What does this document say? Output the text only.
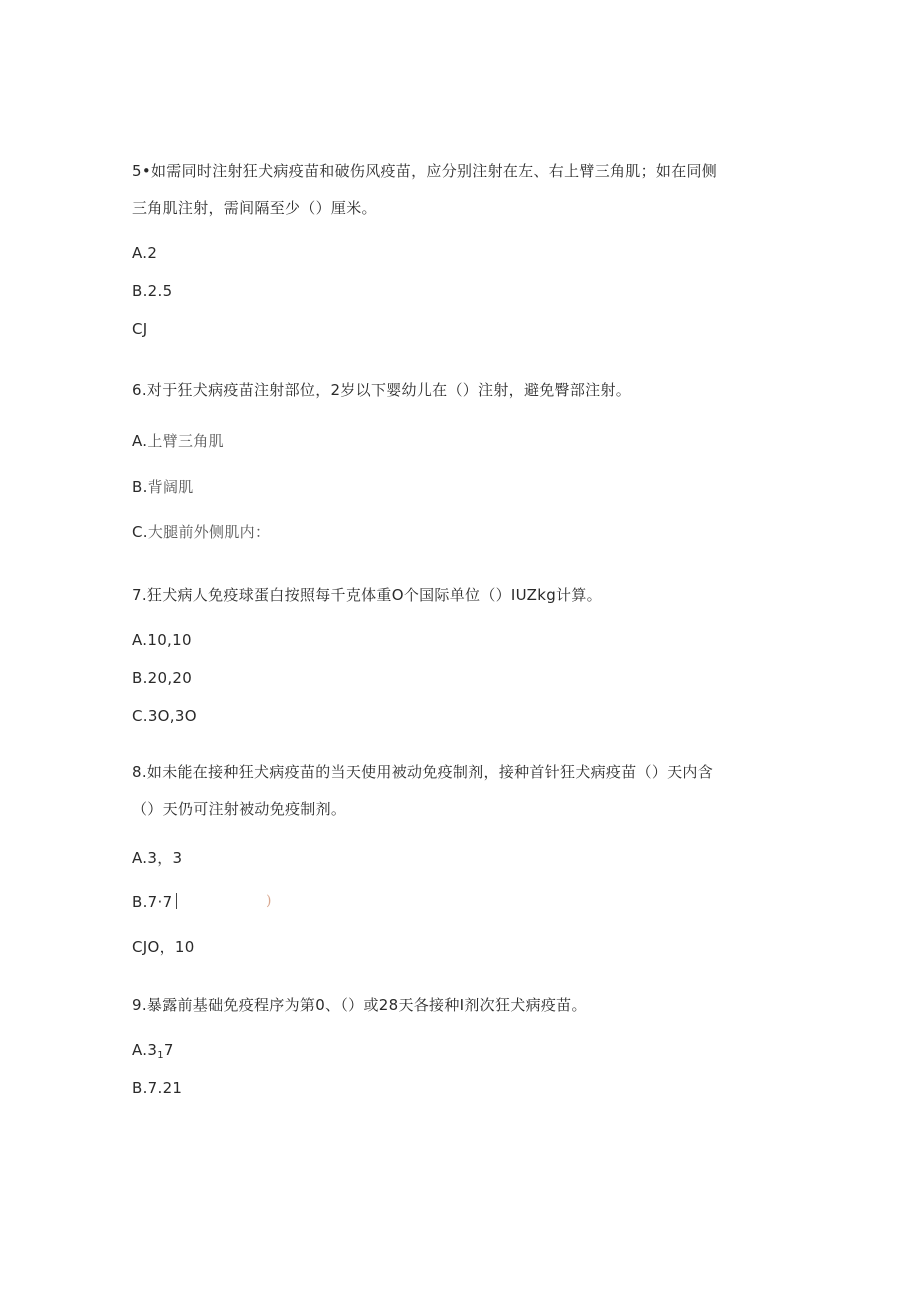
5•如需同时注射狂犬病疫苗和破伤风疫苗，应分别注射在左、右上臂三角肌；如在同侧
三角肌注射，需间隔至少（）厘米。
A.2
B.2.5
CJ
6.对于狂犬病疫苗注射部位，2岁以下婴幼儿在（）注射，避免臀部注射。
A.上臂三角肌
B.背阔肌
C.大腿前外侧肌内：
7.狂犬病人免疫球蛋白按照每千克体重O个国际单位（）IUZkg计算。
A.10,10
B.20,20
C.3O,3O
8.如未能在接种狂犬病疫苗的当天使用被动免疫制剂，接种首针狂犬病疫苗（）天内含
（）天仍可注射被动免疫制剂。
A.3，3
B.7·7	)
CJO，10
9.暴露前基础免疫程序为第0、（）或28天各接种I剂次狂犬病疫苗。
$A.3_17$
B.7.21
